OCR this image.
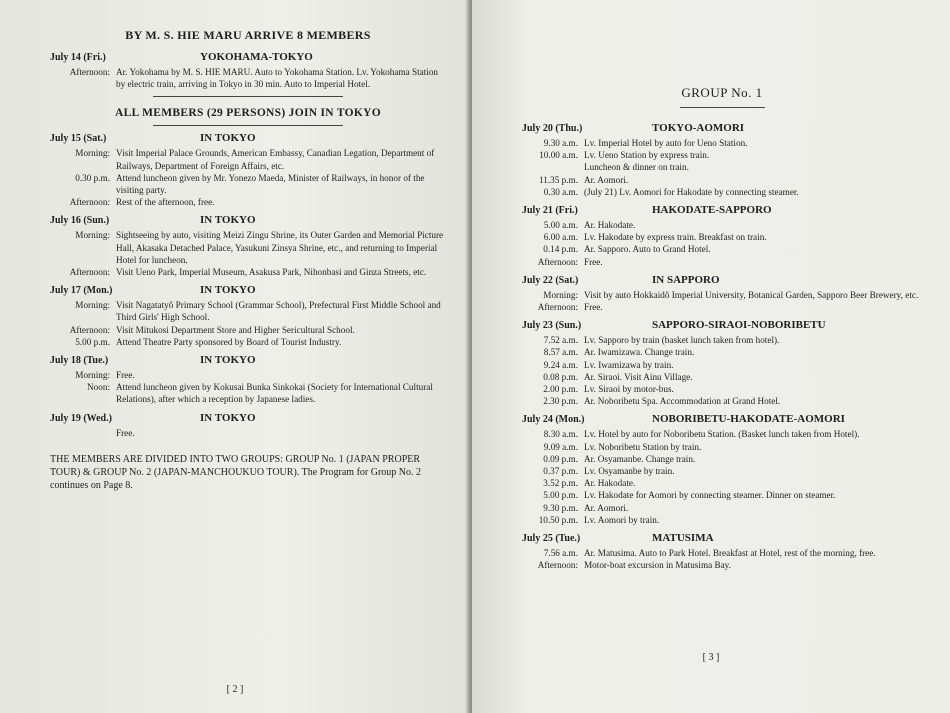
BY M. S. HIE MARU ARRIVE 8 MEMBERS
July 14 (Fri.)	YOKOHAMA-TOKYO
Afternoon: Ar. Yokohama by M. S. HIE MARU. Auto to Yokohama Station. Lv. Yokohama Station by electric train, arriving in Tokyo in 30 min. Auto to Imperial Hotel.
ALL MEMBERS (29 PERSONS) JOIN IN TOKYO
July 15 (Sat.)	IN TOKYO
Morning: Visit Imperial Palace Grounds, American Embassy, Canadian Legation, Department of Railways, Department of Foreign Affairs, etc.
0.30 p.m. Attend luncheon given by Mr. Yonezo Maeda, Minister of Railways, in honor of the visiting party.
Afternoon: Rest of the afternoon, free.
July 16 (Sun.)	IN TOKYO
Morning: Sightseeing by auto, visiting Meizi Zingu Shrine, its Outer Garden and Memorial Picture Hall, Akasaka Detached Palace, Yasukuni Zinsya Shrine, etc., and returning to Imperial Hotel for luncheon.
Afternoon: Visit Ueno Park, Imperial Museum, Asakusa Park, Nihonbasi and Ginza Streets, etc.
July 17 (Mon.)	IN TOKYO
Morning: Visit Nagatatyô Primary School (Grammar School), Prefectural First Middle School and Third Girls' High School.
Afternoon: Visit Mitukosi Department Store and Higher Sericultural School.
5.00 p.m. Attend Theatre Party sponsored by Board of Tourist Industry.
July 18 (Tue.)	IN TOKYO
Morning: Free.
Noon: Attend luncheon given by Kokusai Bunka Sinkokai (Society for International Cultural Relations), after which a reception by Japanese ladies.
July 19 (Wed.)	IN TOKYO
Free.
THE MEMBERS ARE DIVIDED INTO TWO GROUPS: GROUP No. 1 (JAPAN PROPER TOUR) & GROUP No. 2 (JAPAN-MANCHOUKUO TOUR). The Program for Group No. 2 continues on Page 8.
[ 2 ]
GROUP No. 1
July 20 (Thu.)	TOKYO-AOMORI
9.30 a.m. Lv. Imperial Hotel by auto for Ueno Station.
10.00 a.m. Lv. Ueno Station by express train.
Luncheon & dinner on train.
11.35 p.m. Ar. Aomori.
0.30 a.m. (July 21) Lv. Aomori for Hakodate by connecting steamer.
July 21 (Fri.)	HAKODATE-SAPPORO
5.00 a.m. Ar. Hakodate.
6.00 a.m. Lv. Hakodate by express train. Breakfast on train.
0.14 p.m. Ar. Sapporo. Auto to Grand Hotel.
Afternoon: Free.
July 22 (Sat.)	IN SAPPORO
Morning: Visit by auto Hokkaidô Imperial University, Botanical Garden, Sapporo Beer Brewery, etc.
Afternoon: Free.
July 23 (Sun.)	SAPPORO-SIRAOI-NOBORIBETU
7.52 a.m. Lv. Sapporo by train (basket lunch taken from hotel).
8.57 a.m. Ar. Iwamizawa. Change train.
9.24 a.m. Lv. Iwamizawa by train.
0.08 p.m. Ar. Siraoi. Visit Ainu Village.
2.00 p.m. Lv. Siraoi by motor-bus.
2.30 p.m. Ar. Noboribetu Spa. Accommodation at Grand Hotel.
July 24 (Mon.)	NOBORIBETU-HAKODATE-AOMORI
8.30 a.m. Lv. Hotel by auto for Noboribetu Station. (Basket lunch taken from Hotel).
9.09 a.m. Lv. Noboribetu Station by train.
0.09 p.m. Ar. Osyamanbe. Change train.
0.37 p.m. Lv. Osyamanbe by train.
3.52 p.m. Ar. Hakodate.
5.00 p.m. Lv. Hakodate for Aomori by connecting steamer. Dinner on steamer.
9.30 p.m. Ar. Aomori.
10.50 p.m. Lv. Aomori by train.
July 25 (Tue.)	MATUSIMA
7.56 a.m. Ar. Matusima. Auto to Park Hotel. Breakfast at Hotel, rest of the morning, free.
Afternoon: Motor-boat excursion in Matusima Bay.
[ 3 ]
